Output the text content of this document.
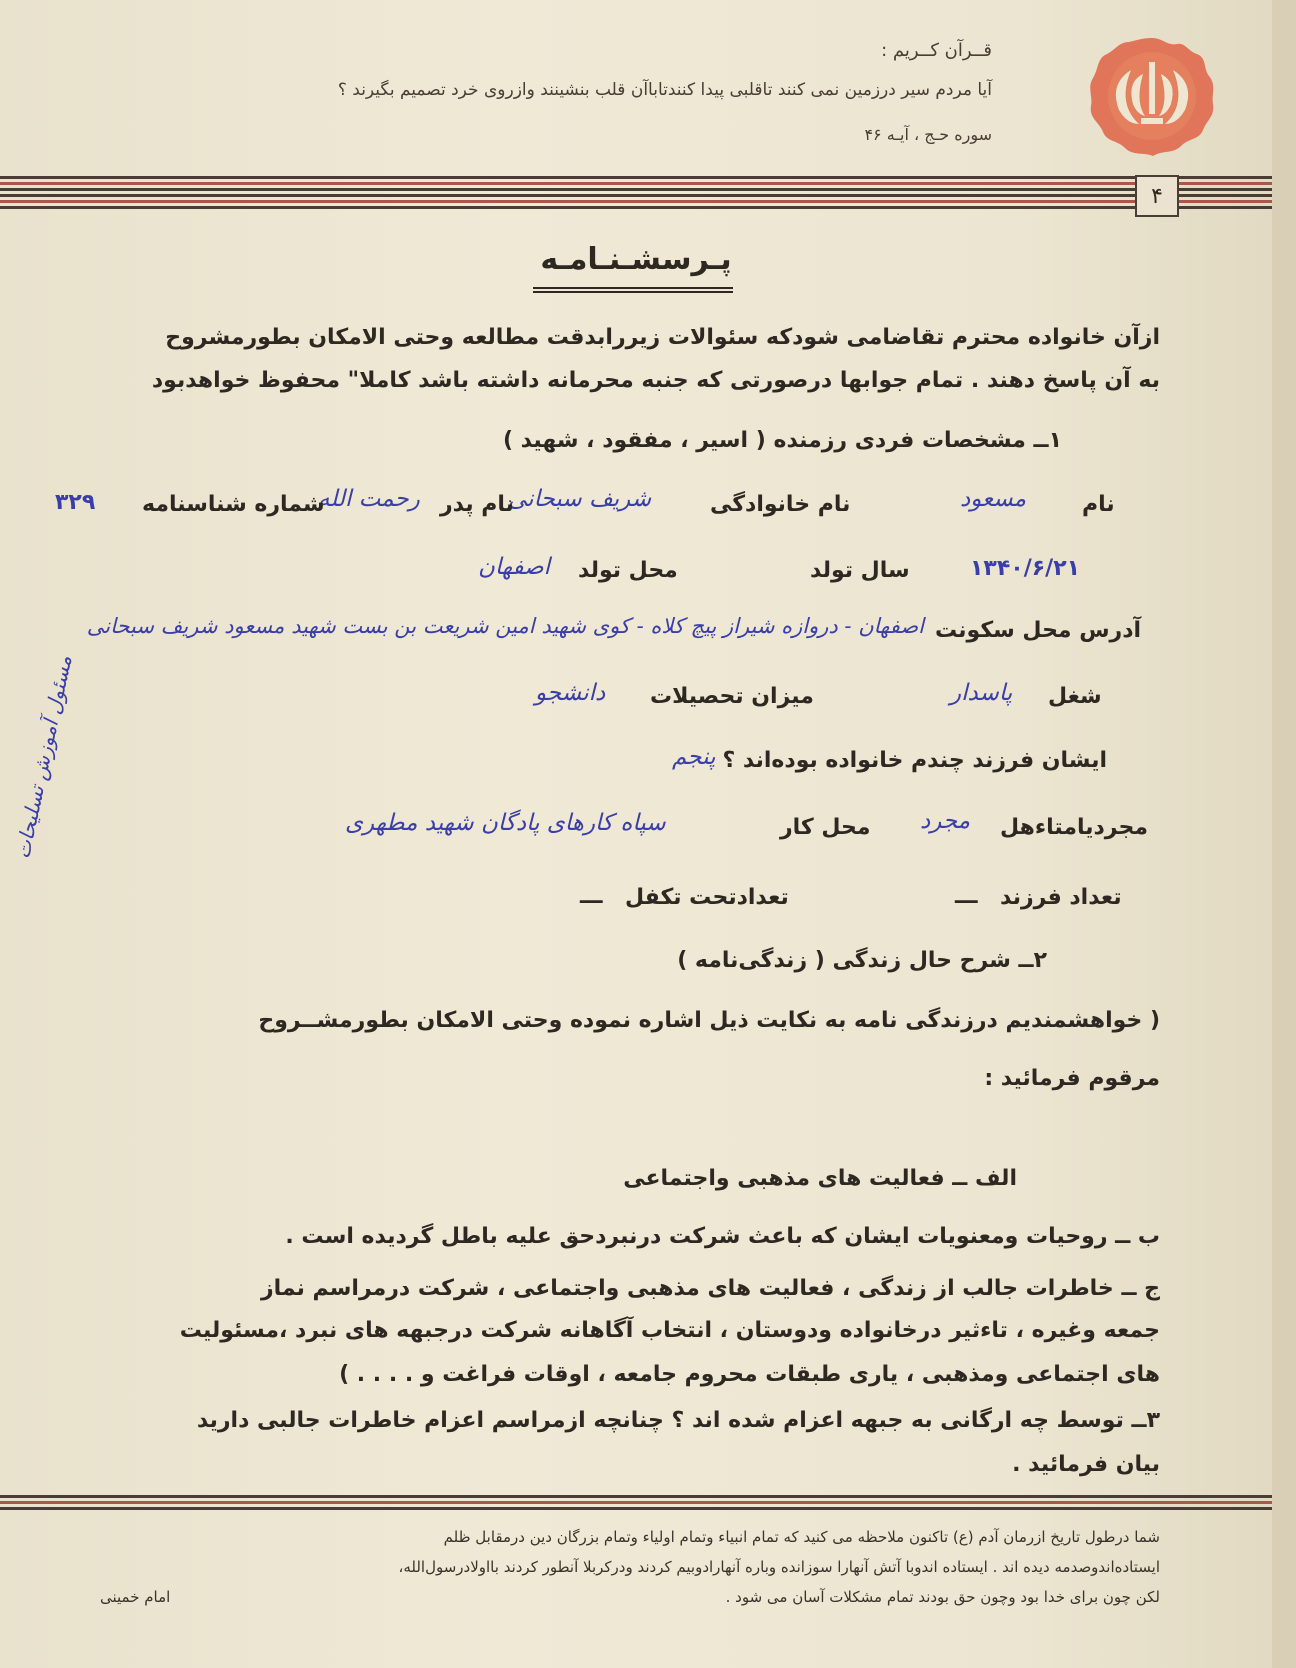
قــرآن کــریم :
آیا مردم سیر درزمین نمی کنند تاقلبی پیدا کنندتاباآن قلب بنشینند وازروی خرد تصمیم بگیرند ؟
سوره حـج ، آیـه ۴۶
۴
پـرسشـنـامـه
ازآن خانواده محترم تقاضامی شودکه سئوالات زیررابدقت مطالعه وحتی الامکان بطورمشروح
به آن پاسخ دهند . تمام جوابها درصورتی که جنبه محرمانه داشته باشد کاملا" محفوظ خواهدبود
۱ــ مشخصات فردی رزمنده ( اسیر ، مفقود ، شهید )
نام
مسعود
نام خانوادگی
شریف سبحانی
نام پدر
رحمت الله
شماره شناسنامه
۳۲۹
سال تولد	۱۳۴۰/۶/۲۱
محل تولد
اصفهان
آدرس محل سکونت
اصفهان - دروازه شیراز پیچ کلاه - کوی شهید امین شریعت بن بست شهید مسعود شریف سبحانی
شغل
پاسدار
میزان تحصیلات
دانشجو
ایشان فرزند چندم خانواده بوده‌اند ؟
پنجم
مجردیامتاءهل
مجرد
محل کار
سپاه کارهای پادگان شهید مطهری
تعداد فرزند
ـــ
تعدادتحت تکفل
ـــ
مسئول آموزش تسلیحات
۲ــ شرح حال زندگی ( زندگی‌نامه )
( خواهشمندیم درزندگی نامه به نکایت ذیل اشاره نموده وحتی الامکان بطورمشــروح
مرقوم فرمائید :
الف ــ فعالیت های مذهبی واجتماعی
ب ــ روحیات ومعنویات ایشان که باعث شرکت درنبردحق علیه باطل گردیده است .
ج ــ خاطرات جالب از زندگی ، فعالیت های مذهبی واجتماعی ، شرکت درمراسم نماز
جمعه وغیره ، تاءثیر درخانواده ودوستان ، انتخاب آگاهانه شرکت درجبهه های نبرد ،مسئولیت
های اجتماعی ومذهبی ، یاری طبقات محروم جامعه ، اوقات فراغت و . . . . )
۳ــ توسط چه ارگانی به جبهه اعزام شده اند ؟ چنانچه ازمراسم اعزام خاطرات جالبی دارید
بیان فرمائید .
شما درطول تاریخ ازرمان آدم (ع) تاکنون ملاحظه می کنید که تمام انبیاء وتمام اولیاء وتمام بزرگان دین درمقابل ظلم
ایستاده‌اندوصدمه دیده اند . ایستاده اندوبا آتش آنهارا سوزانده وباره آنهارادوبیم کردند ودرکربلا آنطور کردند بااولادرسول‌الله،
لکن چون برای خدا بود وچون حق بودند تمام مشکلات آسان می شود .
امام خمینی
